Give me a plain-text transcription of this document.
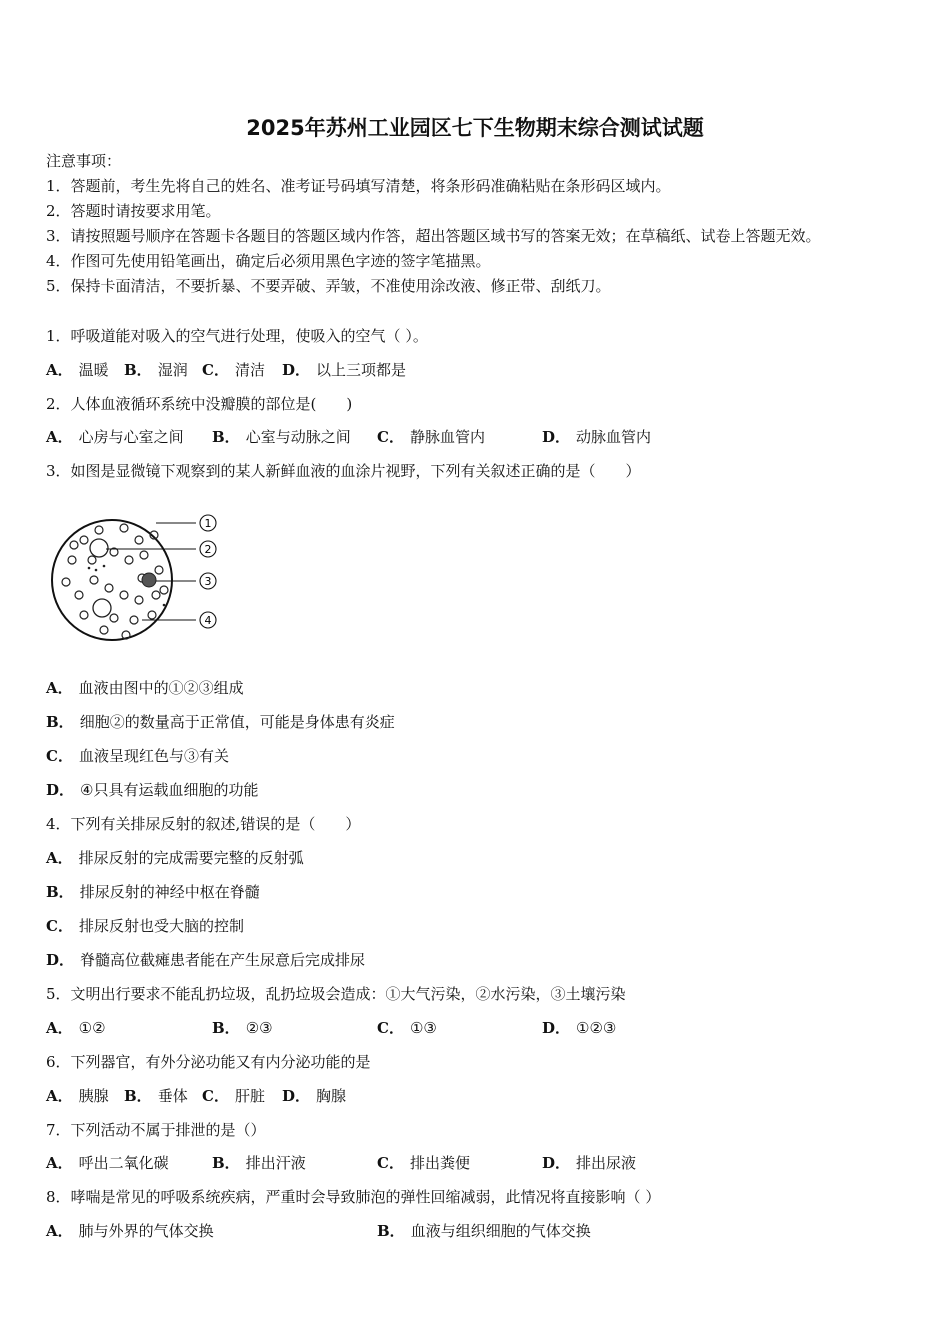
2025年苏州工业园区七下生物期末综合测试试题
注意事项：
1．答题前，考生先将自己的姓名、准考证号码填写清楚，将条形码准确粘贴在条形码区域内。
2．答题时请按要求用笔。
3．请按照题号顺序在答题卡各题目的答题区域内作答，超出答题区域书写的答案无效；在草稿纸、试卷上答题无效。
4．作图可先使用铅笔画出，确定后必须用黑色字迹的签字笔描黑。
5．保持卡面清洁，不要折暴、不要弄破、弄皱，不准使用涂改液、修正带、刮纸刀。
1．呼吸道能对吸入的空气进行处理，使吸入的空气（ ）。
A． 温暖 B． 湿润 C． 清洁 D． 以上三项都是
2．人体血液循环系统中没瓣膜的部位是(　　)
A． 心房与心室之间 B． 心室与动脉之间 C． 静脉血管内	D． 动脉血管内
3．如图是显微镜下观察到的某人新鲜血液的血涂片视野，下列有关叙述正确的是（　　）
1
2
3
4
A． 血液由图中的①②③组成
B． 细胞②的数量高于正常值，可能是身体患有炎症
C． 血液呈现红色与③有关
D． ④只具有运载血细胞的功能
4．下列有关排尿反射的叙述,错误的是（　　）
A． 排尿反射的完成需要完整的反射弧
B． 排尿反射的神经中枢在脊髓
C． 排尿反射也受大脑的控制
D． 脊髓高位截瘫患者能在产生尿意后完成排尿
5．文明出行要求不能乱扔垃圾，乱扔垃圾会造成：①大气污染，②水污染，③土壤污染
A． ①②	B． ②③	C． ①③	D． ①②③
6．下列器官，有外分泌功能又有内分泌功能的是
A． 胰腺 B． 垂体 C． 肝脏 D． 胸腺
7．下列活动不属于排泄的是（）
A． 呼出二氧化碳	B． 排出汗液	C． 排出粪便	D． 排出尿液
8．哮喘是常见的呼吸系统疾病，严重时会导致肺泡的弹性回缩减弱，此情况将直接影响（ ）
A． 肺与外界的气体交换	B． 血液与组织细胞的气体交换
